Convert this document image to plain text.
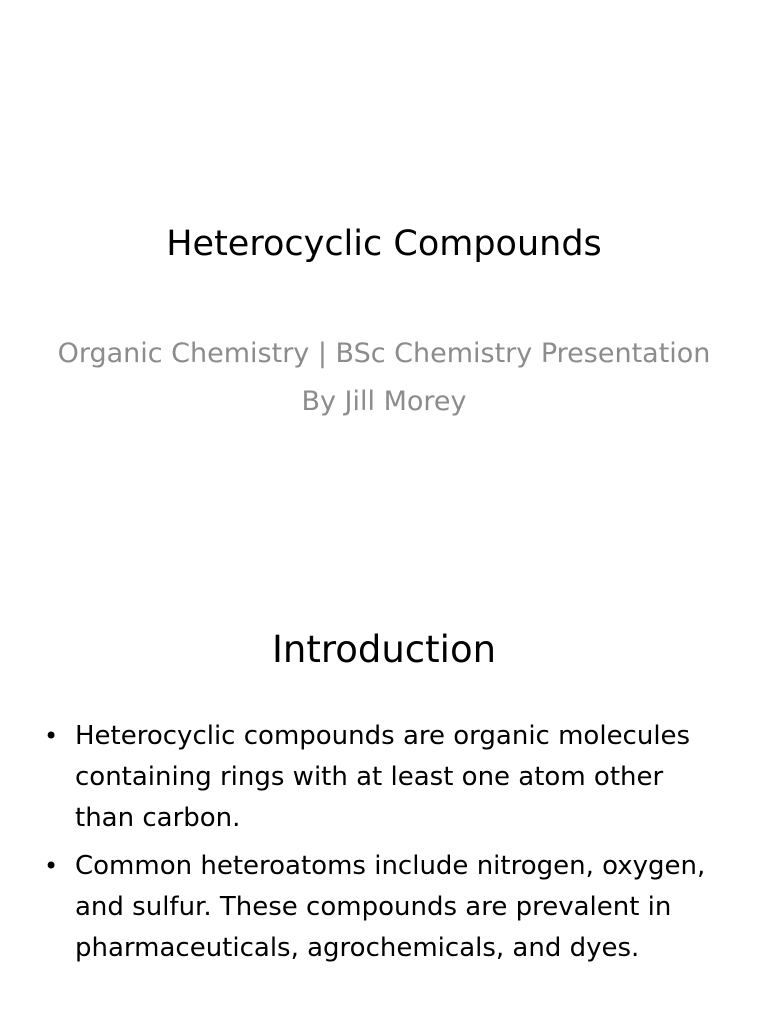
Heterocyclic Compounds

Organic Chemistry | BSc Chemistry Presentation

By Jill Morey

Introduction
• Heterocyclic compounds are organic molecules containing rings with at least one atom other than carbon.
• Common heteroatoms include nitrogen, oxygen, and sulfur. These compounds are prevalent in pharmaceuticals, agrochemicals, and dyes.
